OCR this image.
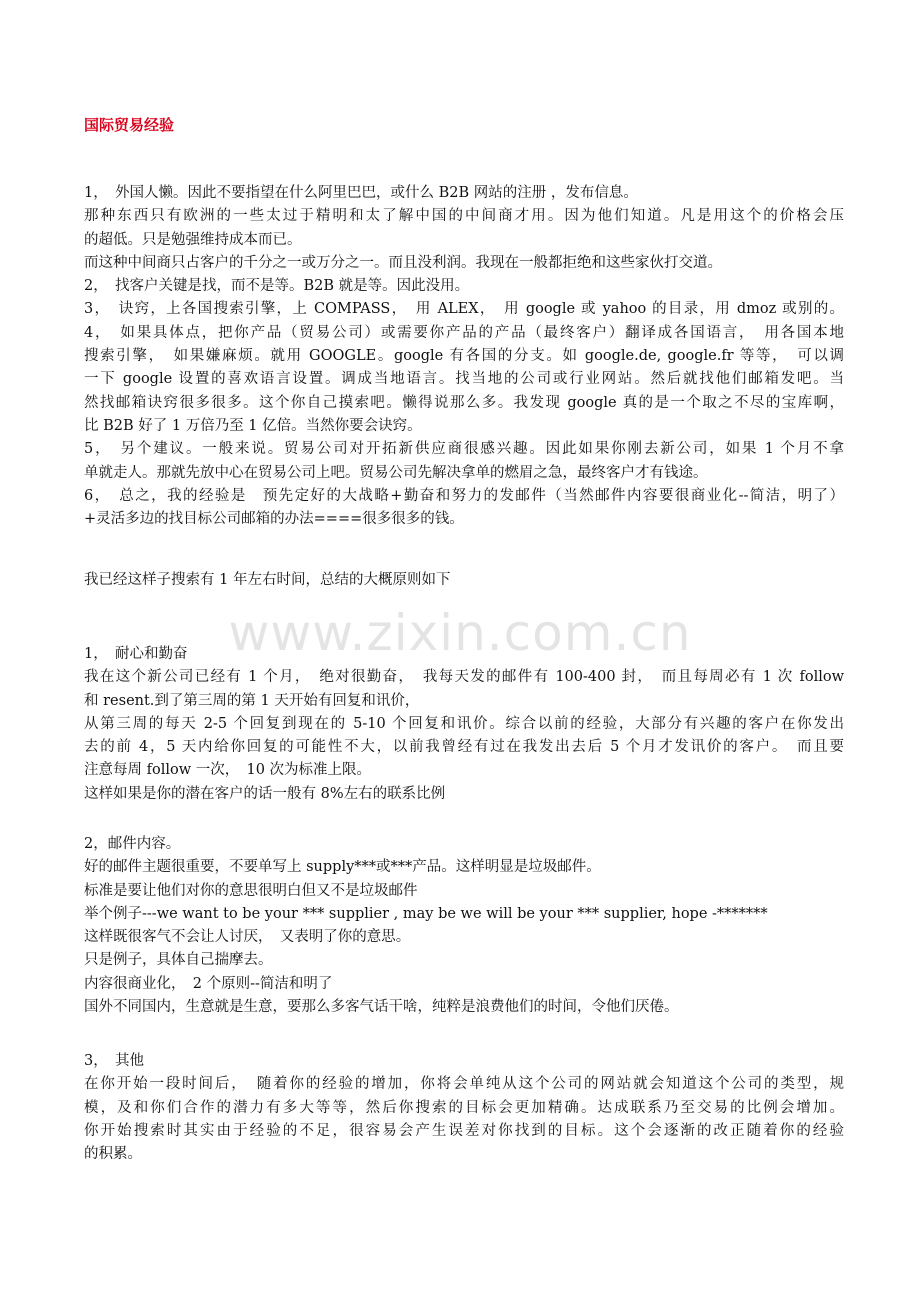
www.zixin.com.cn
国际贸易经验
1，　外国人懒。因此不要指望在什么阿里巴巴，或什么 B2B 网站的注册 ，发布信息。
那种东西只有欧洲的一些太过于精明和太了解中国的中间商才用。因为他们知道。凡是用这个的价格会压
的超低。只是勉强维持成本而已。
而这种中间商只占客户的千分之一或万分之一。而且没利润。我现在一般都拒绝和这些家伙打交道。
2，　找客户关键是找，而不是等。B2B 就是等。因此没用。
3，　诀窍，上各国搜索引擎，上 COMPASS，　用 ALEX，　用 google 或 yahoo 的目录，用 dmoz 或别的。
4，　如果具体点，把你产品（贸易公司）或需要你产品的产品（最终客户）翻译成各国语言，　用各国本地
搜索引擎，　如果嫌麻烦。就用 GOOGLE。google 有各国的分支。如 google.de, google.fr 等等，　可以调
一下 google 设置的喜欢语言设置。调成当地语言。找当地的公司或行业网站。然后就找他们邮箱发吧。当
然找邮箱诀窍很多很多。这个你自己摸索吧。懒得说那么多。我发现 google 真的是一个取之不尽的宝库啊，
比 B2B 好了 1 万倍乃至 1 亿倍。当然你要会诀窍。
5，　另个建议。一般来说。贸易公司对开拓新供应商很感兴趣。因此如果你刚去新公司，如果 1 个月不拿
单就走人。那就先放中心在贸易公司上吧。贸易公司先解决拿单的燃眉之急，最终客户才有钱途。
6，　总之，我的经验是　预先定好的大战略+勤奋和努力的发邮件（当然邮件内容要很商业化--简洁，明了）
+灵活多边的找目标公司邮箱的办法====很多很多的钱。
我已经这样子搜索有 1 年左右时间，总结的大概原则如下
1，　耐心和勤奋
我在这个新公司已经有 1 个月，　绝对很勤奋，　我每天发的邮件有 100-400 封，　而且每周必有 1 次 follow
和 resent.到了第三周的第 1 天开始有回复和讯价，
从第三周的每天 2-5 个回复到现在的 5-10 个回复和讯价。综合以前的经验，大部分有兴趣的客户在你发出
去的前 4，5 天内给你回复的可能性不大，以前我曾经有过在我发出去后 5 个月才发讯价的客户。　而且要
注意每周 follow 一次，　10 次为标准上限。
这样如果是你的潜在客户的话一般有 8%左右的联系比例
2，邮件内容。
好的邮件主题很重要，不要单写上 supply***或***产品。这样明显是垃圾邮件。
标准是要让他们对你的意思很明白但又不是垃圾邮件
举个例子---we want to be your *** supplier , may be we will be your *** supplier, hope -*******
这样既很客气不会让人讨厌，　又表明了你的意思。
只是例子，具体自己揣摩去。
内容很商业化，　2 个原则--简洁和明了
国外不同国内，生意就是生意，要那么多客气话干啥，纯粹是浪费他们的时间，令他们厌倦。
3，　其他
在你开始一段时间后，　随着你的经验的增加，你将会单纯从这个公司的网站就会知道这个公司的类型，规
模，及和你们合作的潜力有多大等等，然后你搜索的目标会更加精确。达成联系乃至交易的比例会增加。
你开始搜索时其实由于经验的不足，很容易会产生误差对你找到的目标。这个会逐渐的改正随着你的经验
的积累。
